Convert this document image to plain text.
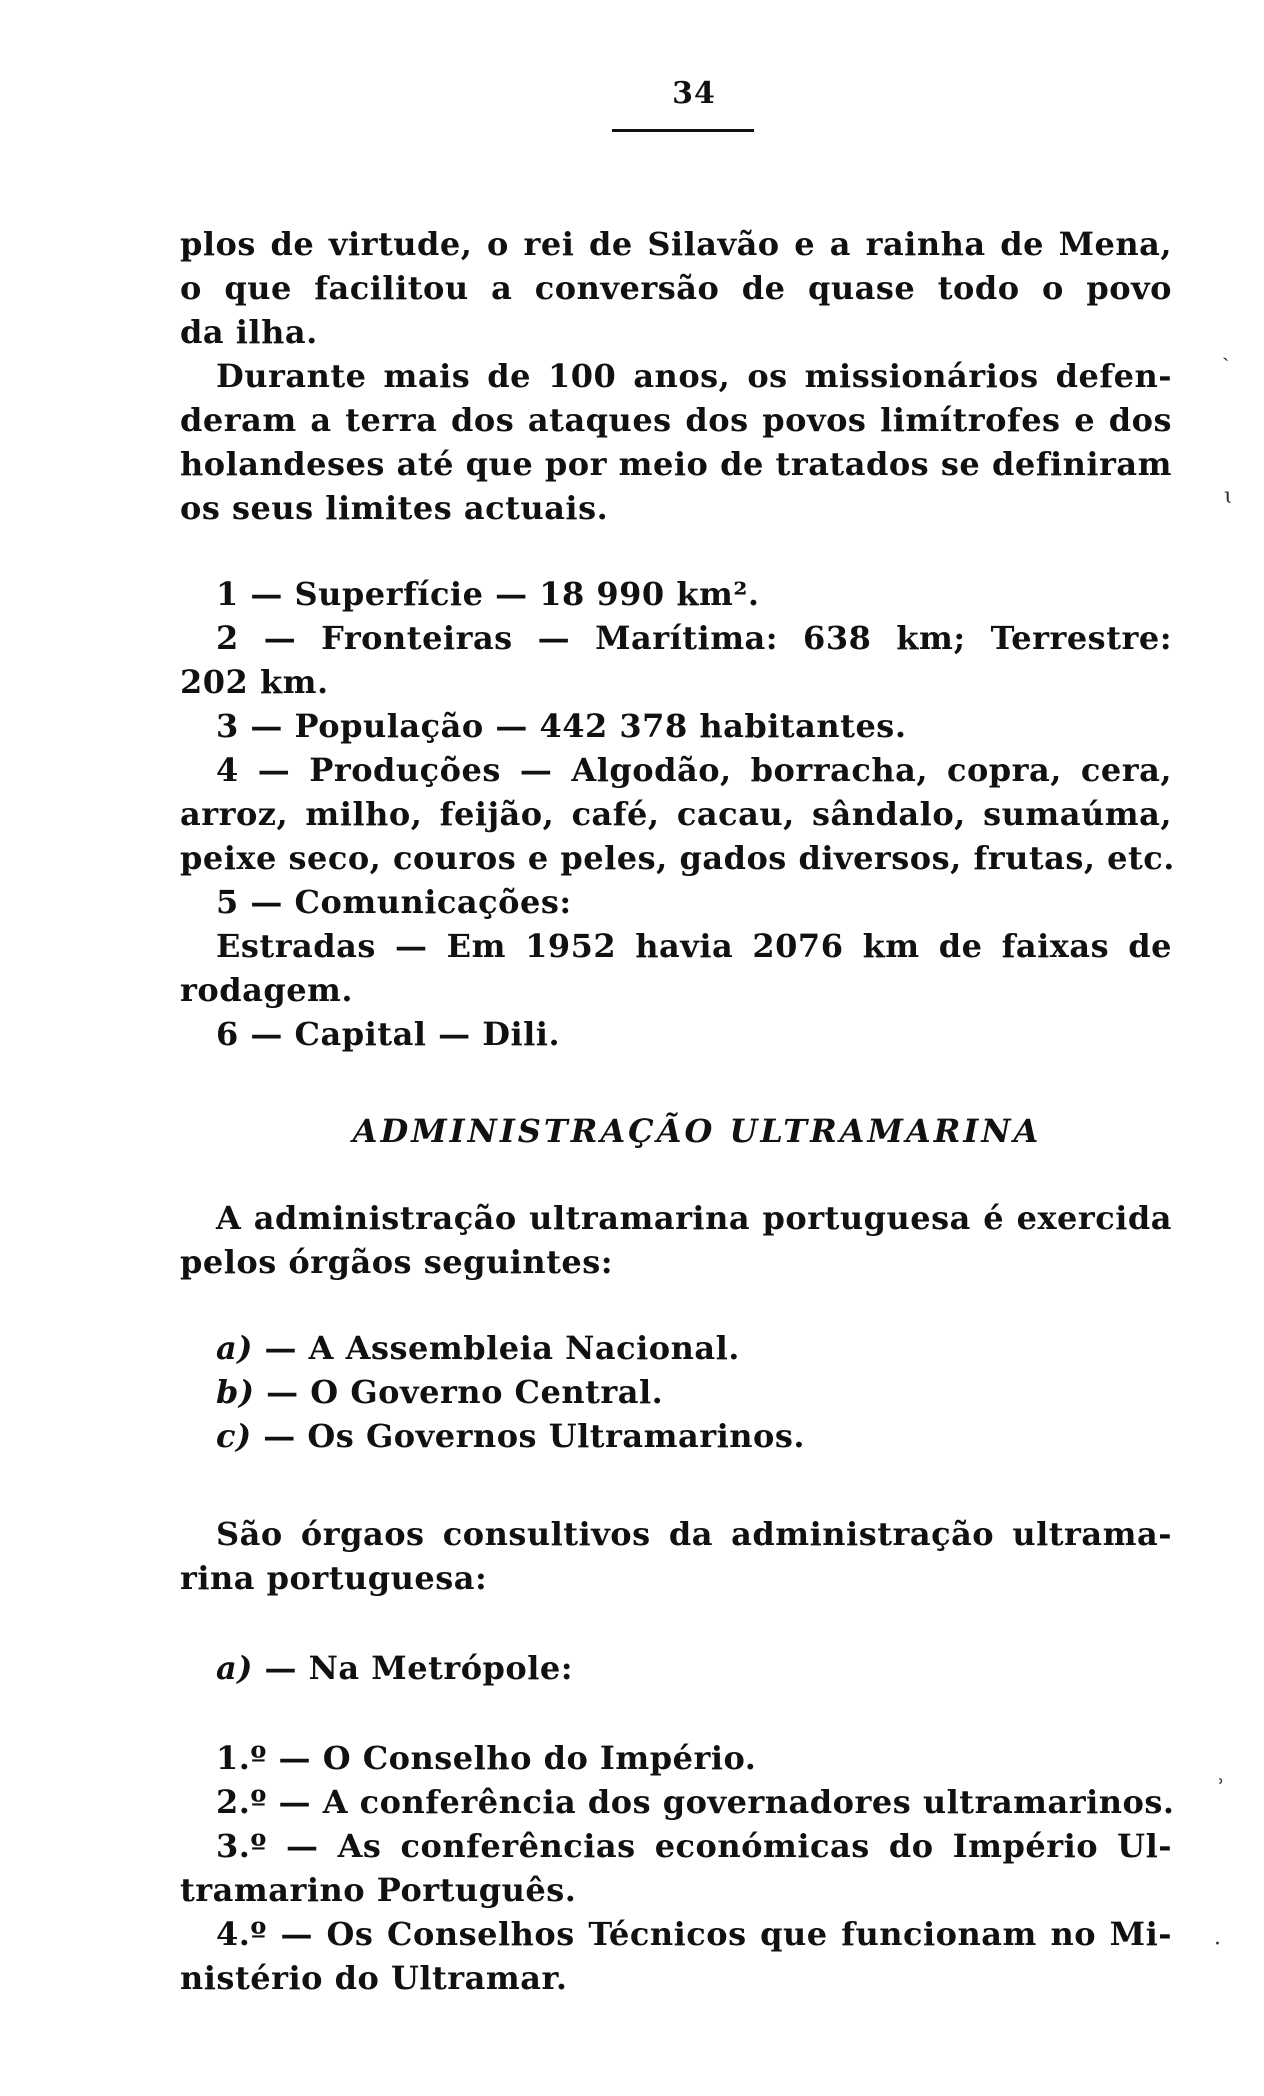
34
plos de virtude, o rei de Silavão e a rainha de Mena,
o que facilitou a conversão de quase todo o povo
da ilha.
Durante mais de 100 anos, os missionários defen-
deram a terra dos ataques dos povos limítrofes e dos
holandeses até que por meio de tratados se definiram
os seus limites actuais.
1 — Superfície — 18 990 km².
2 — Fronteiras — Marítima: 638 km; Terrestre:
202 km.
3 — População — 442 378 habitantes.
4 — Produções — Algodão, borracha, copra, cera,
arroz, milho, feijão, café, cacau, sândalo, sumaúma,
peixe seco, couros e peles, gados diversos, frutas, etc.
5 — Comunicações:
Estradas — Em 1952 havia 2076 km de faixas de
rodagem.
6 — Capital — Dili.
A administração ultramarina portuguesa é exercida
pelos órgãos seguintes:
a) — A Assembleia Nacional.
b) — O Governo Central.
c) — Os Governos Ultramarinos.
São órgaos consultivos da administração ultrama-
rina portuguesa:
a) — Na Metrópole:
1.º — O Conselho do Império.
2.º — A conferência dos governadores ultramarinos.
3.º — As conferências económicas do Império Ul-
tramarino Português.
4.º — Os Conselhos Técnicos que funcionam no Mi-
nistério do Ultramar.
ADMINISTRAÇÃO ULTRAMARINA
ˎ
ɩ
ʾ
·
